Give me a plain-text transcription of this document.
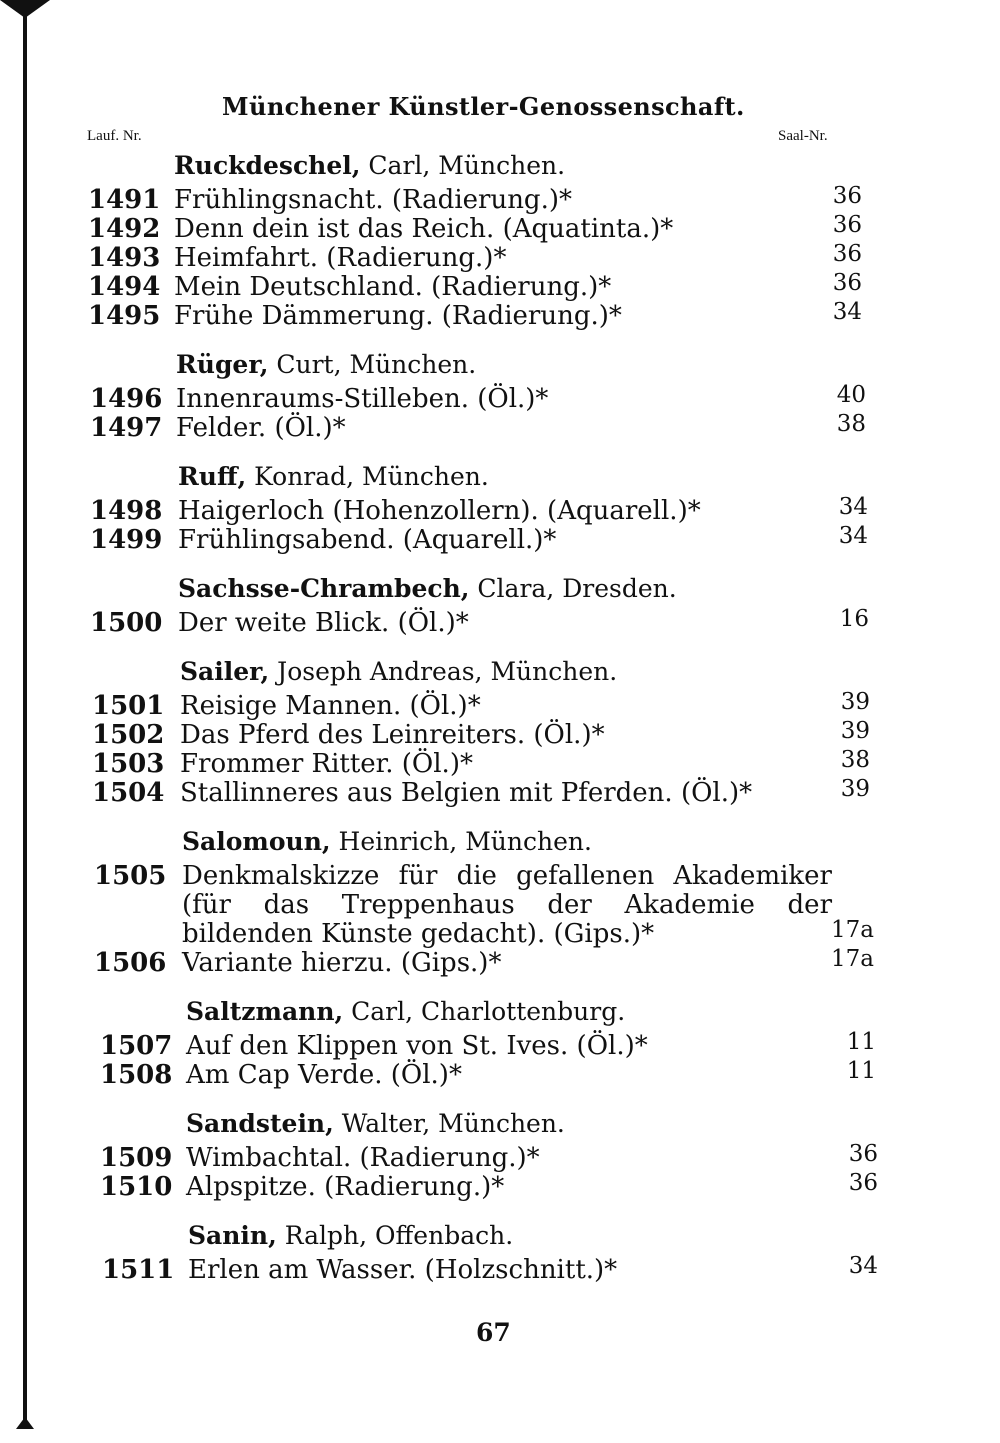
Münchener Künstler-Genossenschaft.
Lauf. Nr.	Saal-Nr.
Ruckdeschel, Carl, München.
1491 Frühlingsnacht. (Radierung.)*	36
1492 Denn dein ist das Reich. (Aquatinta.)*	36
1493 Heimfahrt. (Radierung.)*	36
1494 Mein Deutschland. (Radierung.)*	36
1495 Frühe Dämmerung. (Radierung.)*	34
Rüger, Curt, München.
1496 Innenraums-Stilleben. (Öl.)*	40
1497 Felder. (Öl.)*	38
Ruff, Konrad, München.
1498 Haigerloch (Hohenzollern). (Aquarell.)*	34
1499 Frühlingsabend. (Aquarell.)*	34
Sachsse-Chrambech, Clara, Dresden.
1500 Der weite Blick. (Öl.)*	16
Sailer, Joseph Andreas, München.
1501 Reisige Mannen. (Öl.)*	39
1502 Das Pferd des Leinreiters. (Öl.)*	39
1503 Frommer Ritter. (Öl.)*	38
1504 Stallinneres aus Belgien mit Pferden. (Öl.)*	39
Salomoun, Heinrich, München.
1505 Denkmalskizze für die gefallenen Akademiker (für das Treppenhaus der Akademie der bildenden Künste gedacht). (Gips.)*	17a
1506 Variante hierzu. (Gips.)*	17a
Saltzmann, Carl, Charlottenburg.
1507 Auf den Klippen von St. Ives. (Öl.)*	11
1508 Am Cap Verde. (Öl.)*	11
Sandstein, Walter, München.
1509 Wimbachtal. (Radierung.)*	36
1510 Alpspitze. (Radierung.)*	36
Sanin, Ralph, Offenbach.
1511 Erlen am Wasser. (Holzschnitt.)*	34
67
